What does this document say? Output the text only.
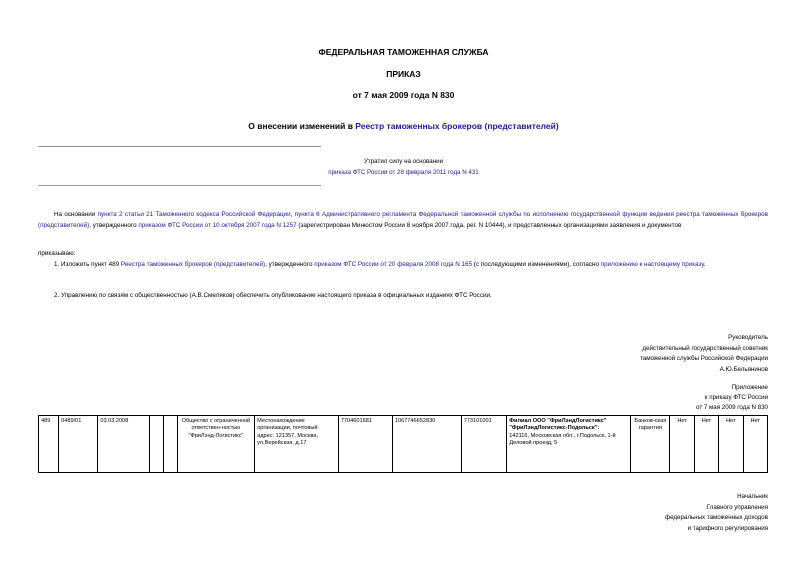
ФЕДЕРАЛЬНАЯ ТАМОЖЕННАЯ СЛУЖБА
ПРИКАЗ
от 7 мая 2009 года N 830
О внесении изменений в Реестр таможенных брокеров (представителей)
Утратил силу на основании
приказа ФТС России от 28 февраля 2011 года N 431
На основании пункта 2 статьи 21 Таможенного кодекса Российской Федерации, пункта 6 Административного регламента Федеральной таможенной службы по исполнению государственной функции ведения реестра таможенных брокеров (представителей), утвержденного приказом ФТС России от 10 октября 2007 года N 1257 (зарегистрирован Минюстом России 8 ноября 2007 года, рег. N 10444), и представленных организациями заявления и документов
приказываю:
1. Изложить пункт 489 Реестра таможенных брокеров (представителей), утвержденного приказом ФТС России от 20 февраля 2008 года N 165 (с последующими изменениями), согласно приложению к настоящему приказу.
2. Управлению по связям с общественностью (А.В.Смеляков) обеспечить опубликование настоящего приказа в официальных изданиях ФТС России.

Руководитель

действительный государственный советник

таможенной службы Российской Федерации

А.Ю.Бельянинов

Приложение

к приказу ФТС России

от 7 мая 2009 года N 830

489	0489/01	03.03.2008			Общество с ограниченной ответствен-ностью "ФриЛэнд-Логистикс"	Местонахождение организации, почтовый адрес: 121357, Москва, ул.Верейская, д.17	7704601681	1067746652830	773101001	Филиал ООО "ФриЛэндЛогистикс" "ФриЛэндЛогистикс-Подольск":
142116, Московская обл., г.Подольск, 1-й Деловой проезд, 5	Банков-ская гарантия	Нет	Нет	Нет	Нет

Начальник

Главного управления

федеральных таможенных доходов

и тарифного регулирования
